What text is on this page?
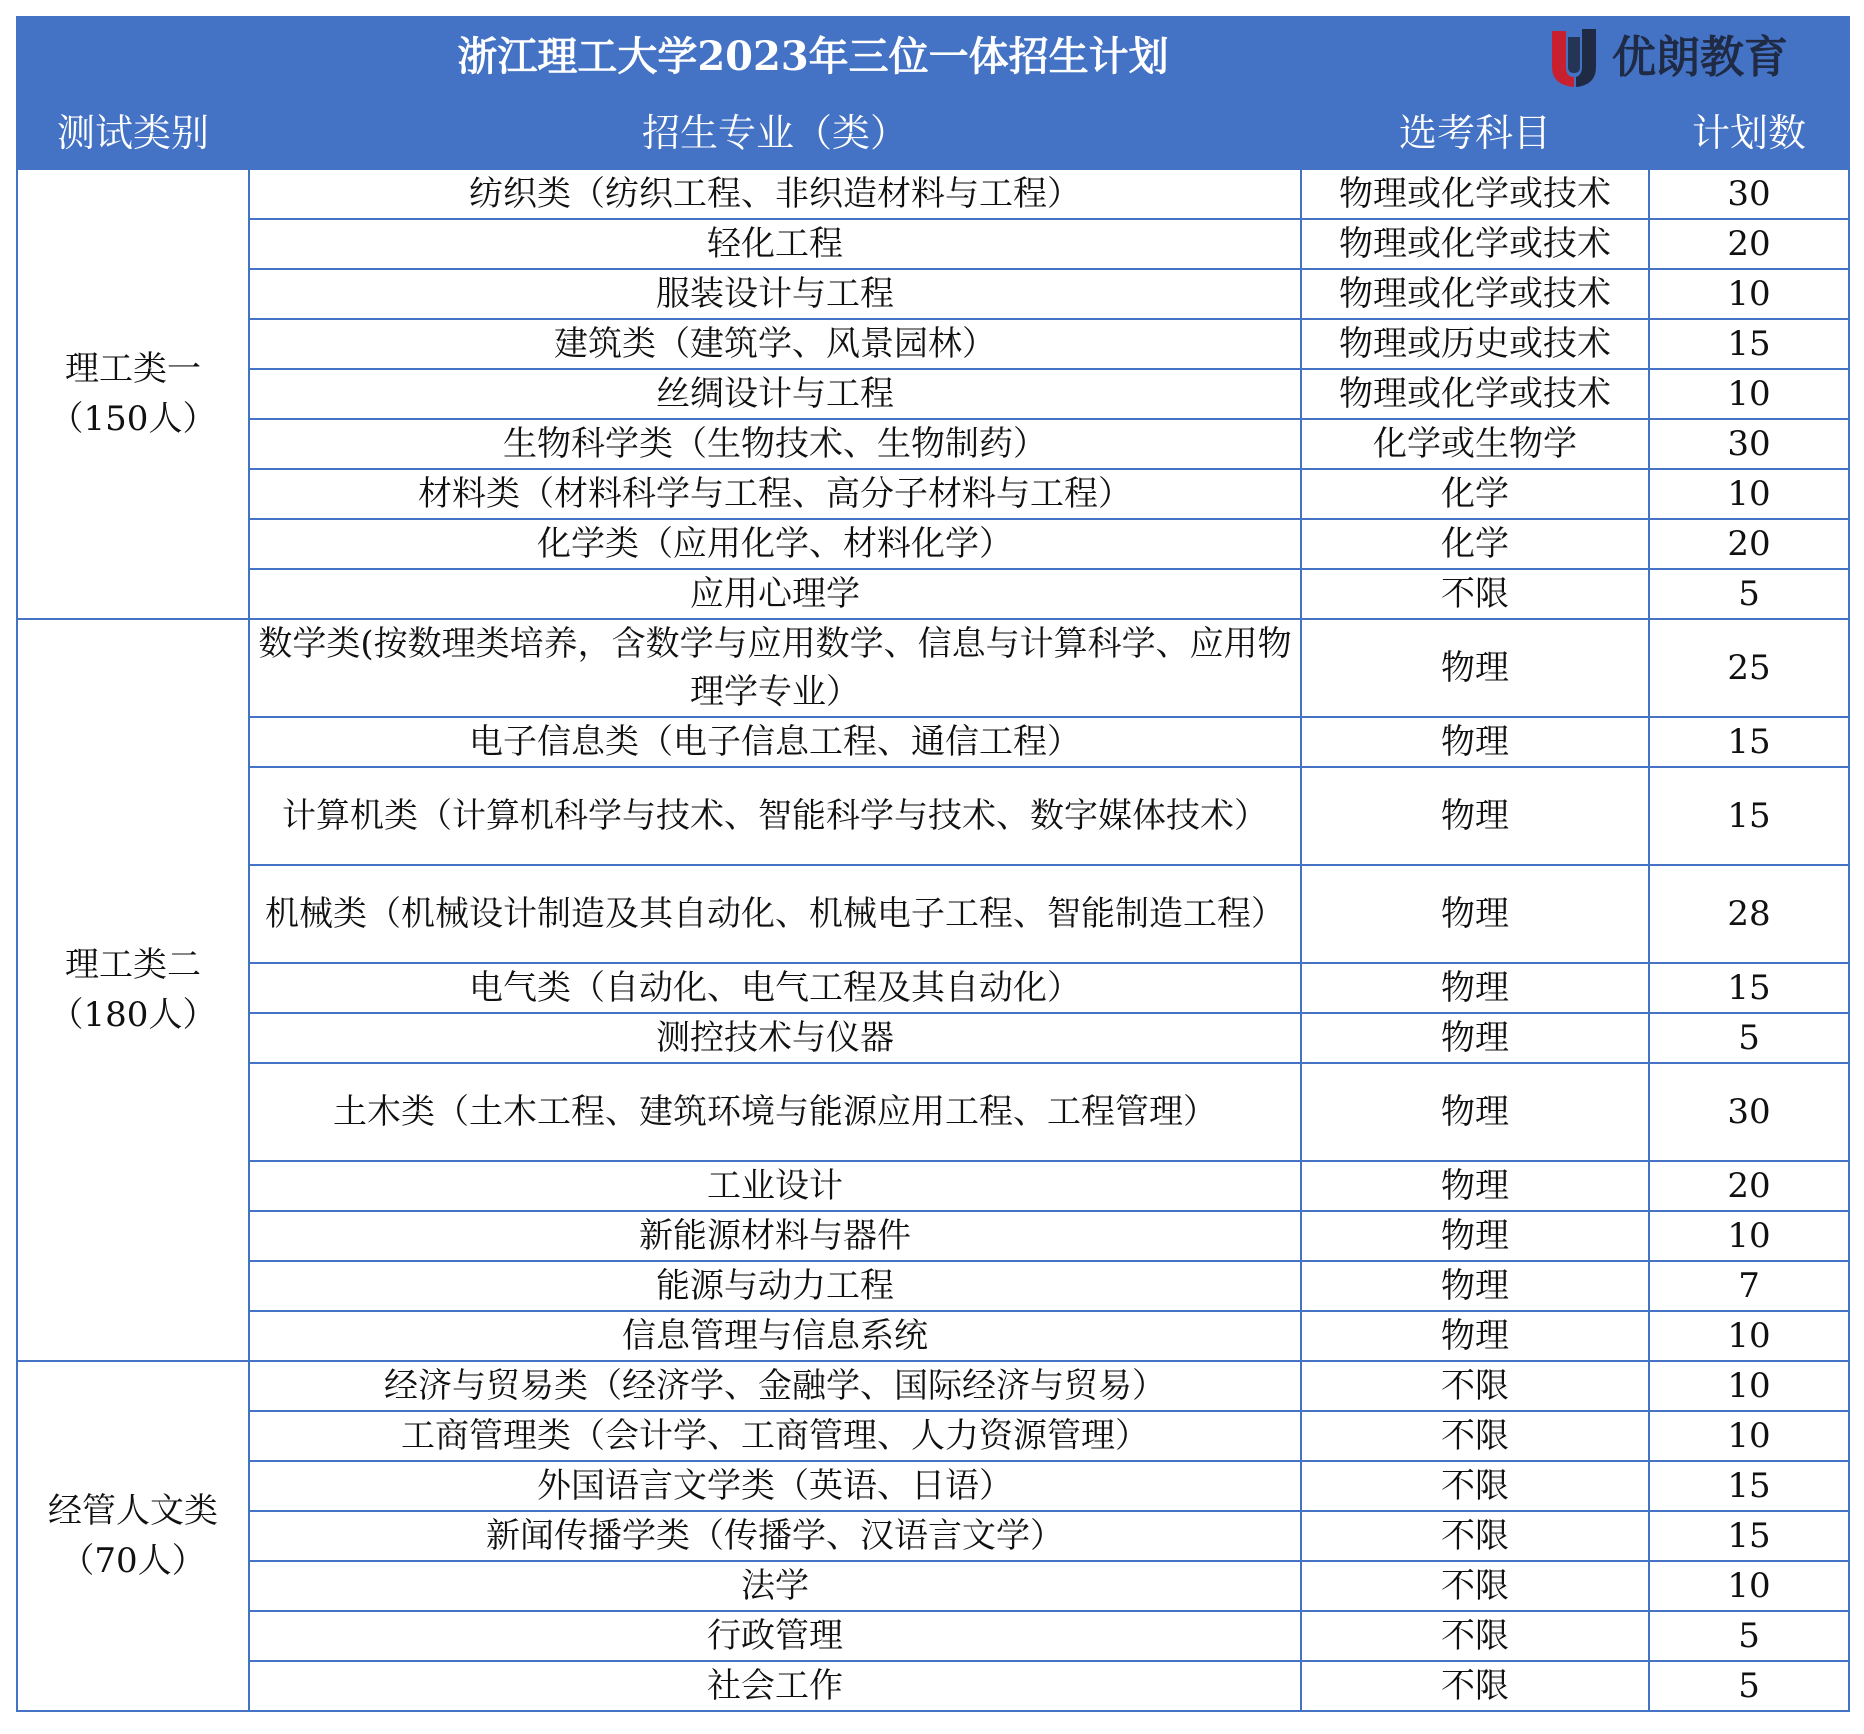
浙江理工大学2023年三位一体招生计划 优朗教育			

测试类别	招生专业（类）	选考科目	计划数
理工类一
（150人）	纺织类（纺织工程、非织造材料与工程）	物理或化学或技术	30
	轻化工程	物理或化学或技术	20
	服装设计与工程	物理或化学或技术	10
	建筑类（建筑学、风景园林）	物理或历史或技术	15
	丝绸设计与工程	物理或化学或技术	10
	生物科学类（生物技术、生物制药）	化学或生物学	30
	材料类（材料科学与工程、高分子材料与工程）	化学	10
	化学类（应用化学、材料化学）	化学	20
	应用心理学	不限	5
理工类二
（180人）	数学类(按数理类培养，含数学与应用数学、信息与计算科学、应用物理学专业）	物理	25
	电子信息类（电子信息工程、通信工程）	物理	15
	计算机类（计算机科学与技术、智能科学与技术、数字媒体技术）	物理	15
	机械类（机械设计制造及其自动化、机械电子工程、智能制造工程）	物理	28
	电气类（自动化、电气工程及其自动化）	物理	15
	测控技术与仪器	物理	5
	土木类（土木工程、建筑环境与能源应用工程、工程管理）	物理	30
	工业设计	物理	20
	新能源材料与器件	物理	10
	能源与动力工程	物理	7
	信息管理与信息系统	物理	10
经管人文类
（70人）	经济与贸易类（经济学、金融学、国际经济与贸易）	不限	10
	工商管理类（会计学、工商管理、人力资源管理）	不限	10
	外国语言文学类（英语、日语）	不限	15
	新闻传播学类（传播学、汉语言文学）	不限	15
	法学	不限	10
	行政管理	不限	5
	社会工作	不限	5
